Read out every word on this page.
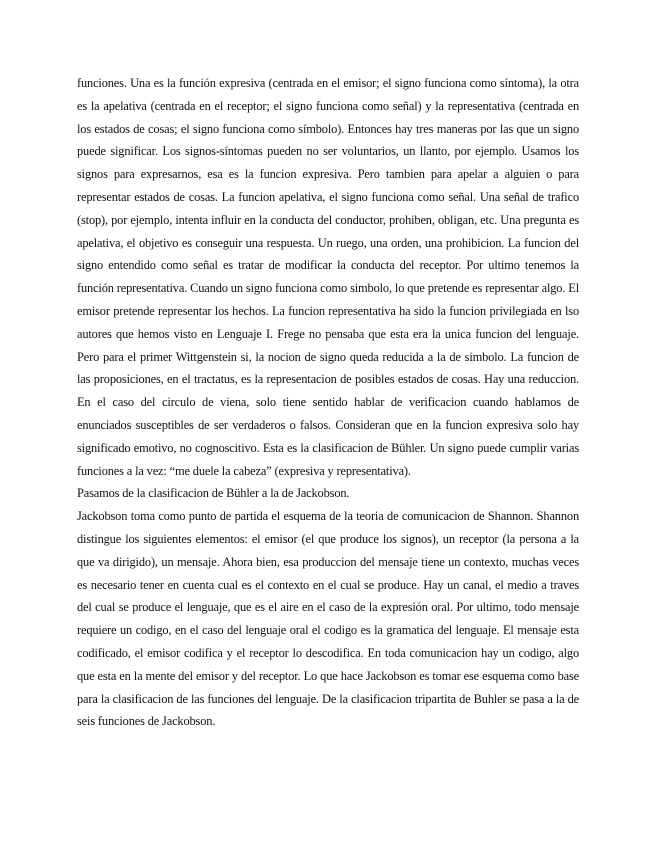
funciones. Una es la función expresiva (centrada en el emisor; el signo funciona como síntoma), la otra es la apelativa (centrada en el receptor; el signo funciona como señal) y la representativa (centrada en los estados de cosas; el signo funciona como símbolo). Entonces hay tres maneras por las que un signo puede significar. Los signos-síntomas pueden no ser voluntarios, un llanto, por ejemplo. Usamos los signos para expresarnos, esa es la funcion expresiva. Pero tambien para apelar a alguien o para representar estados de cosas. La funcion apelativa, el signo funciona como señal. Una señal de trafico (stop), por ejemplo, intenta influir en la conducta del conductor, prohiben, obligan, etc. Una pregunta es apelativa, el objetivo es conseguir una respuesta. Un ruego, una orden, una prohibicion. La funcion del signo entendido como señal es tratar de modificar la conducta del receptor. Por ultimo tenemos la función representativa. Cuando un signo funciona como simbolo, lo que pretende es representar algo. El emisor pretende representar los hechos. La funcion representativa ha sido la funcion privilegiada en lso autores que hemos visto en Lenguaje I. Frege no pensaba que esta era la unica funcion del lenguaje. Pero para el primer Wittgenstein si, la nocion de signo queda reducida a la de simbolo. La funcion de las proposiciones, en el tractatus, es la representacion de posibles estados de cosas. Hay una reduccion. En el caso del circulo de viena, solo tiene sentido hablar de verificacion cuando hablamos de enunciados susceptibles de ser verdaderos o falsos. Consideran que en la funcion expresiva solo hay significado emotivo, no cognoscitivo. Esta es la clasificacion de Bühler. Un signo puede cumplir varias funciones a la vez: “me duele la cabeza” (expresiva y representativa).

Pasamos de la clasificacion de Bühler a la de Jackobson.

Jackobson toma como punto de partida el esquema de la teoria de comunicacion de Shannon. Shannon distingue los siguientes elementos: el emisor (el que produce los signos), un receptor (la persona a la que va dirigido), un mensaje. Ahora bien, esa produccion del mensaje tiene un contexto, muchas veces es necesario tener en cuenta cual es el contexto en el cual se produce. Hay un canal, el medio a traves del cual se produce el lenguaje, que es el aire en el caso de la expresión oral. Por ultimo, todo mensaje requiere un codigo, en el caso del lenguaje oral el codigo es la gramatica del lenguaje. El mensaje esta codificado, el emisor codifica y el receptor lo descodifica. En toda comunicacion hay un codigo, algo que esta en la mente del emisor y del receptor. Lo que hace Jackobson es tomar ese esquema como base para la clasificacion de las funciones del lenguaje. De la clasificacion tripartita de Buhler se pasa a la de seis funciones de Jackobson.
